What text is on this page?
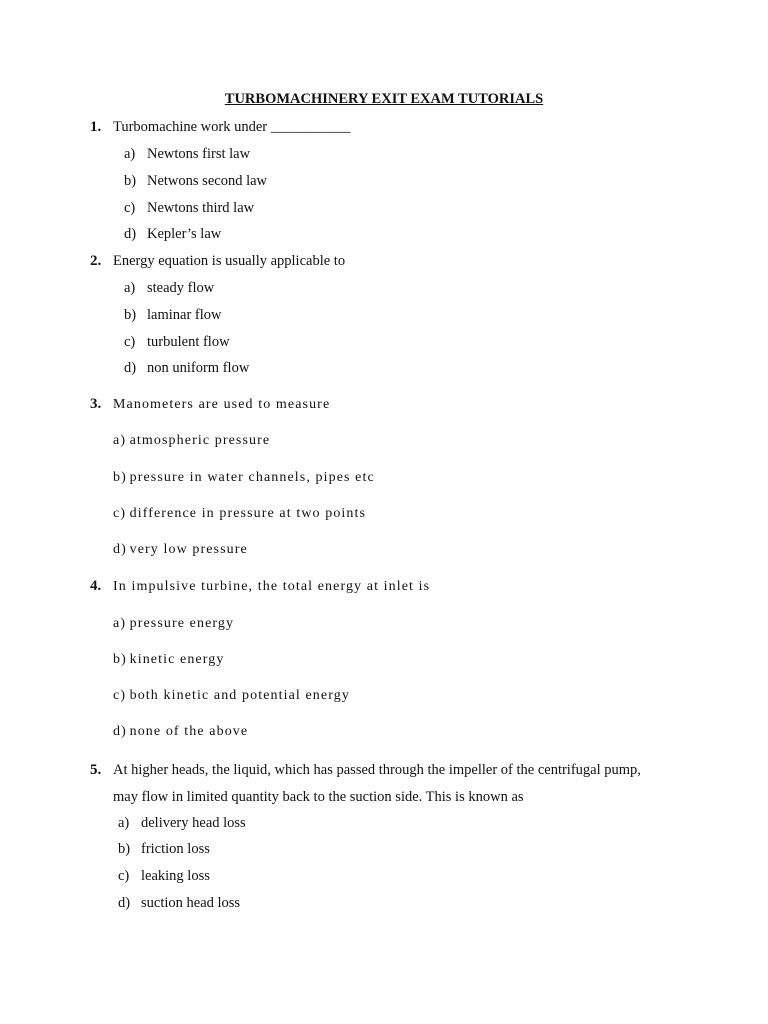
TURBOMACHINERY EXIT EXAM TUTORIALS
1. Turbomachine work under ___________
a) Newtons first law
b) Netwons second law
c) Newtons third law
d) Kepler’s law
2. Energy equation is usually applicable to
a) steady flow
b) laminar flow
c) turbulent flow
d) non uniform flow
3. Manometers are used to measure
a) atmospheric pressure
b) pressure in water channels, pipes etc
c) difference in pressure at two points
d) very low pressure
4. In impulsive turbine, the total energy at inlet is
a) pressure energy
b) kinetic energy
c) both kinetic and potential energy
d) none of the above
5. At higher heads, the liquid, which has passed through the impeller of the centrifugal pump,
may flow in limited quantity back to the suction side. This is known as
a) delivery head loss
b) friction loss
c) leaking loss
d) suction head loss
